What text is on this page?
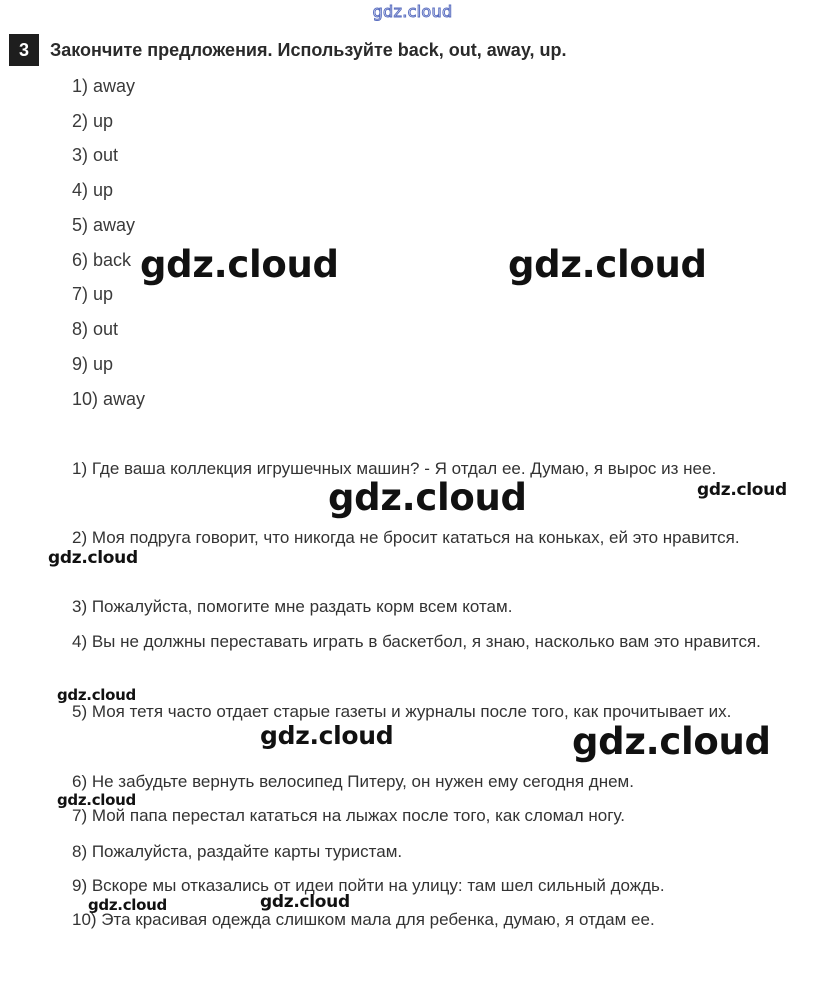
gdz.cloud
3	Закончите предложения. Используйте back, out, away, up.
1) away
2) up
3) out
4) up
5) away
6) back
7) up
8) out
9) up
10) away
1) Где ваша коллекция игрушечных машин? - Я отдал ее. Думаю, я вырос из нее.
2) Моя подруга говорит, что никогда не бросит кататься на коньках, ей это нравится.
3) Пожалуйста, помогите мне раздать корм всем котам.
4) Вы не должны переставать играть в баскетбол, я знаю, насколько вам это нравится.
5) Моя тетя часто отдает старые газеты и журналы после того, как прочитывает их.
6) Не забудьте вернуть велосипед Питеру, он нужен ему сегодня днем.
7) Мой папа перестал кататься на лыжах после того, как сломал ногу.
8) Пожалуйста, раздайте карты туристам.
9) Вскоре мы отказались от идеи пойти на улицу: там шел сильный дождь.
10) Эта красивая одежда слишком мала для ребенка, думаю, я отдам ее.
gdz.cloud	gdz.cloud
gdz.cloud	gdz.cloud
gdz.cloud
gdz.cloud
gdz.cloud	gdz.cloud
gdz.cloud
gdz.cloud	gdz.cloud
